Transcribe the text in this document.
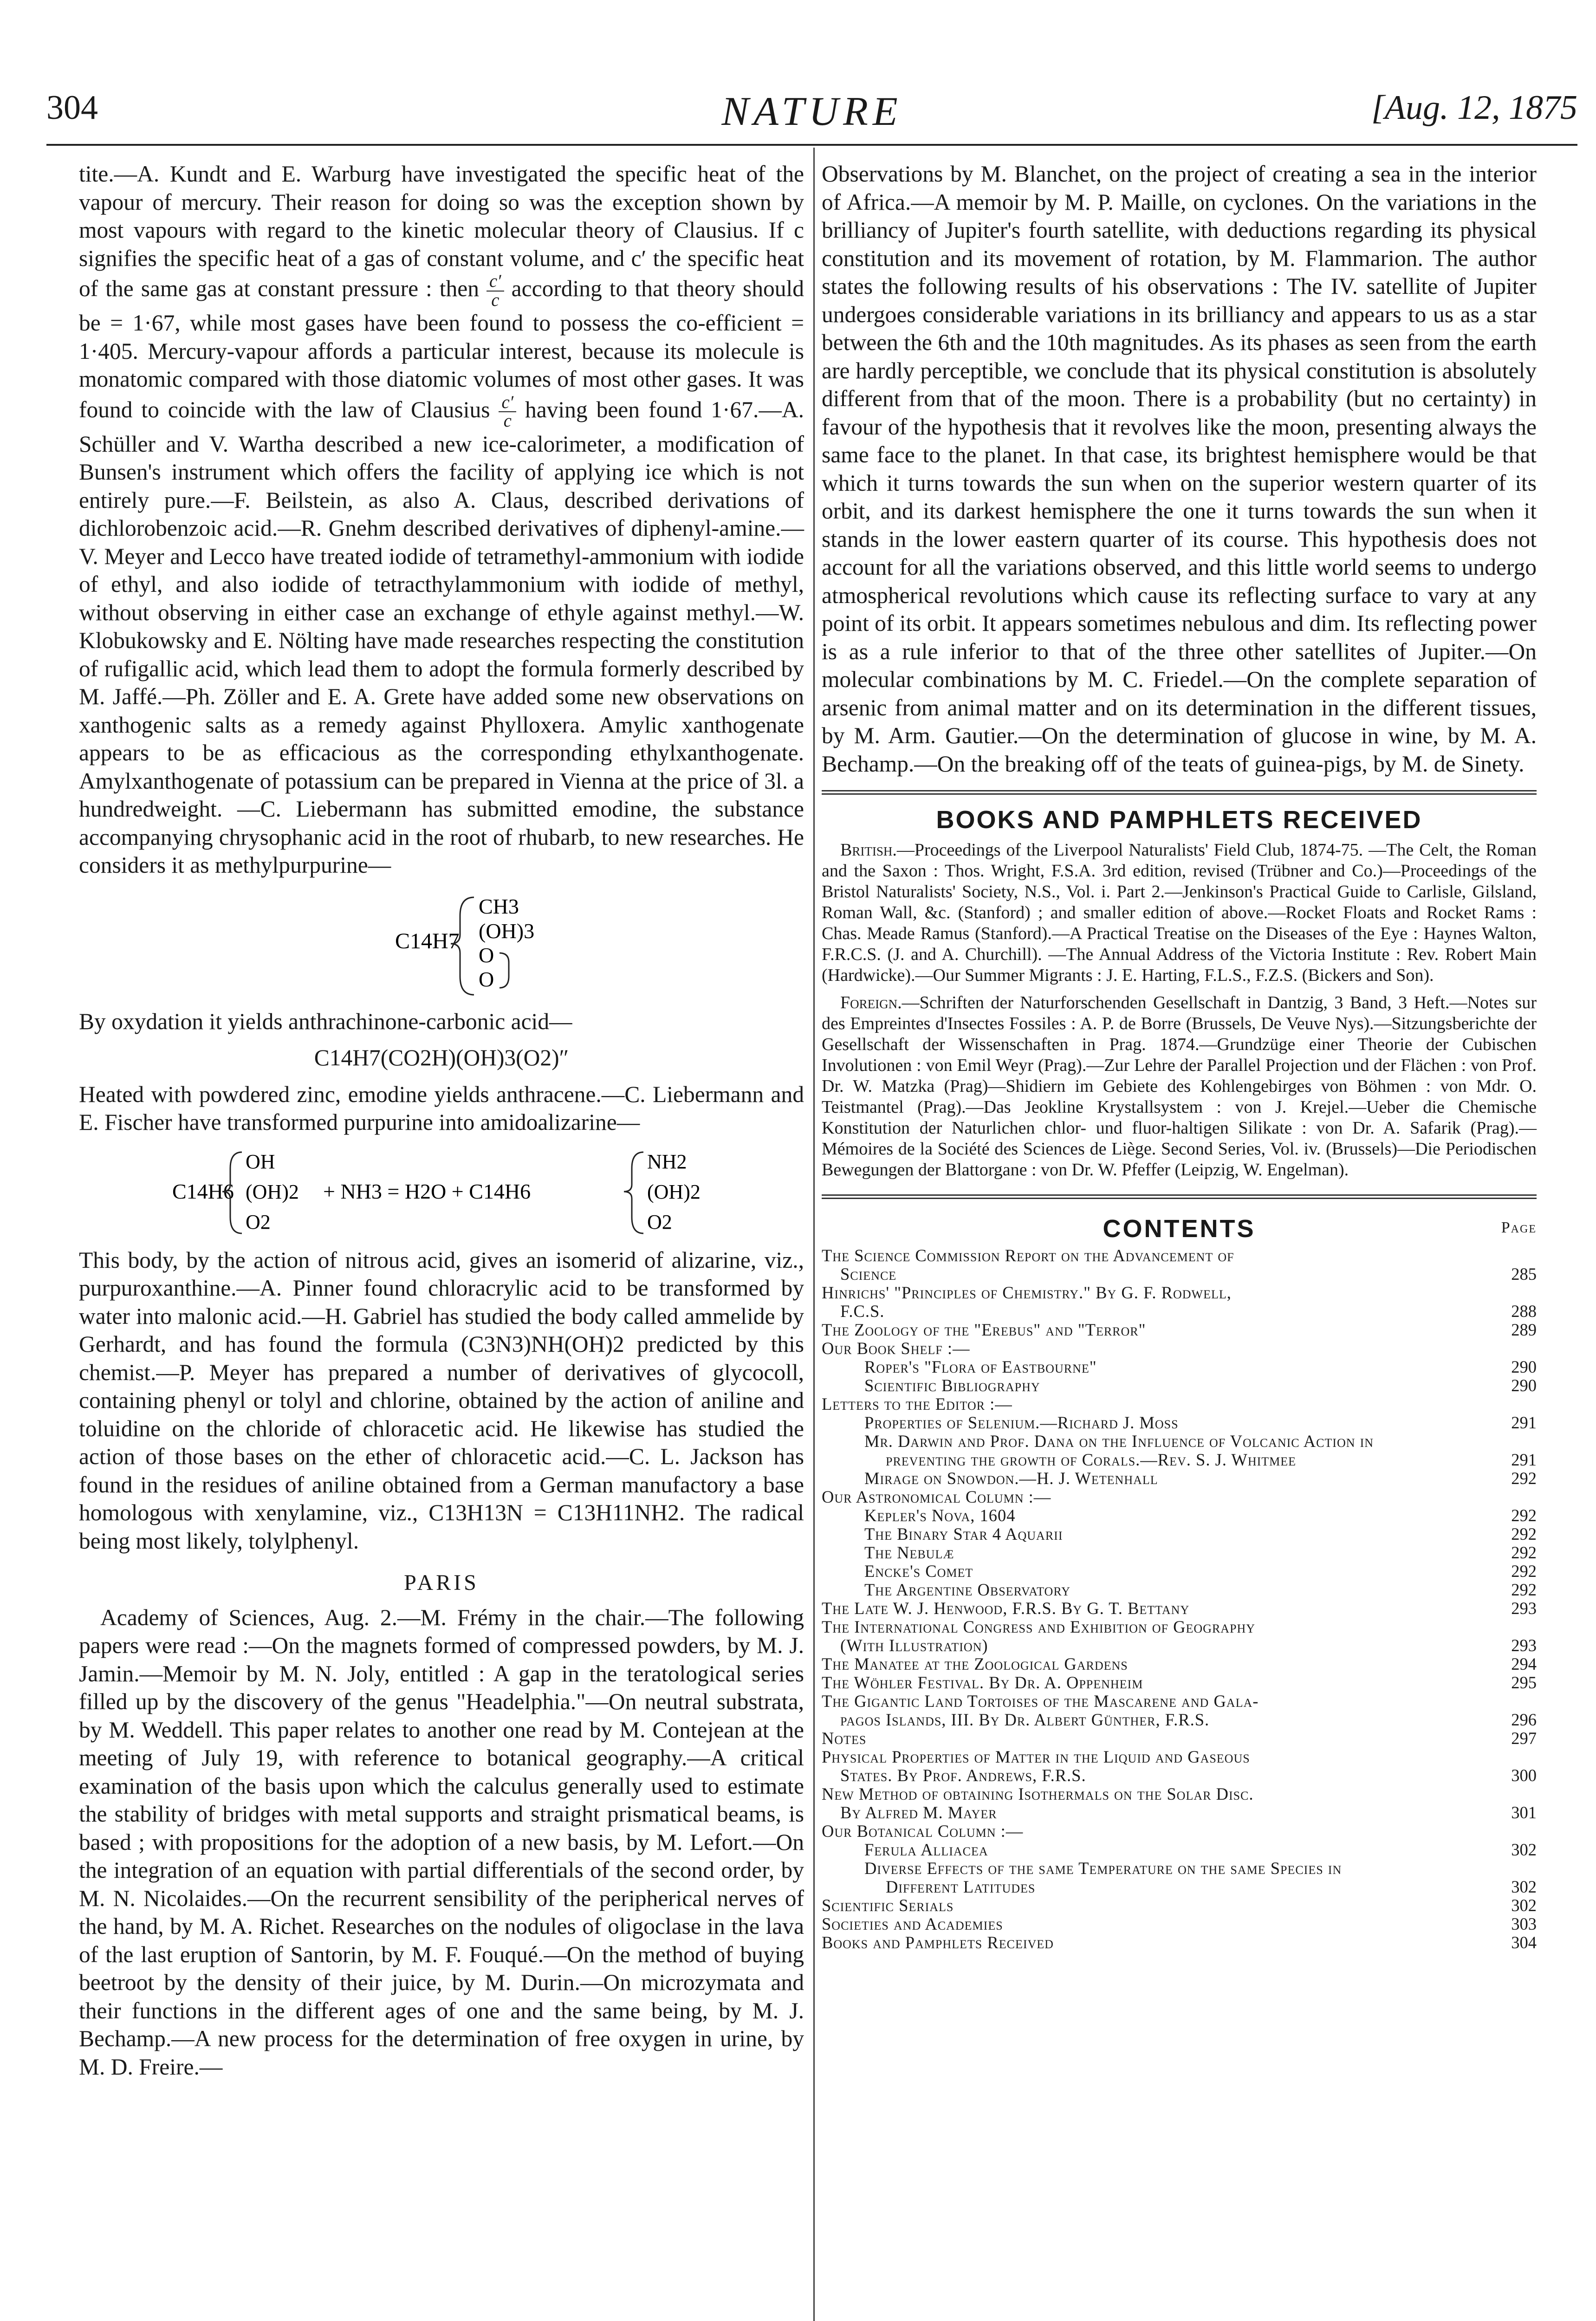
304	NATURE	[Aug. 12, 1875

tite.—A. Kundt and E. Warburg have investigated the specific heat of the vapour of mercury. Their reason for doing so was the exception shown by most vapours with regard to the kinetic molecular theory of Clausius. If c signifies the specific heat of a gas of constant volume, and c′ the specific heat of the same gas at constant pressure : then $\frac{c'}{c}$ according to that theory should be = 1·67, while most gases have been found to possess the co-efficient = 1·405. Mercury-vapour affords a particular interest, because its molecule is monatomic compared with those diatomic volumes of most other gases. It was found to coincide with the law of Clausius $\frac{c'}{c}$ having been found 1·67.—A. Schüller and V. Wartha described a new ice-calorimeter, a modification of Bunsen's instrument which offers the facility of applying ice which is not entirely pure.—F. Beilstein, as also A. Claus, described derivations of dichlorobenzoic acid.—R. Gnehm described derivatives of diphenyl-amine.—V. Meyer and Lecco have treated iodide of tetramethyl-ammonium with iodide of ethyl, and also iodide of tetracthylammonium with iodide of methyl, without observing in either case an exchange of ethyle against methyl.—W. Klobukowsky and E. Nölting have made researches respecting the constitution of rufigallic acid, which lead them to adopt the formula formerly described by M. Jaffé.—Ph. Zöller and E. A. Grete have added some new observations on xanthogenic salts as a remedy against Phylloxera. Amylic xanthogenate appears to be as efficacious as the corresponding ethylxanthogenate. Amylxanthogenate of potassium can be prepared in Vienna at the price of 3l. a hundredweight. —C. Liebermann has submitted emodine, the substance accompanying chrysophanic acid in the root of rhubarb, to new researches. He considers it as methylpurpurine—

C14H7
CH3
(OH)3
O
O

By oxydation it yields anthrachinone-carbonic acid—

C14H7(CO2H)(OH)3(O2)″

Heated with powdered zinc, emodine yields anthracene.—C. Liebermann and E. Fischer have transformed purpurine into amidoalizarine—

C14H6
OH
(OH)2
O2
+ NH3 = H2O + C14H6
NH2
(OH)2
O2

This body, by the action of nitrous acid, gives an isomerid of alizarine, viz., purpuroxanthine.—A. Pinner found chloracrylic acid to be transformed by water into malonic acid.—H. Gabriel has studied the body called ammelide by Gerhardt, and has found the formula (C3N3)NH(OH)2 predicted by this chemist.—P. Meyer has prepared a number of derivatives of glycocoll, containing phenyl or tolyl and chlorine, obtained by the action of aniline and toluidine on the chloride of chloracetic acid. He likewise has studied the action of those bases on the ether of chloracetic acid.—C. L. Jackson has found in the residues of aniline obtained from a German manufactory a base homologous with xenylamine, viz., C13H13N = C13H11NH2. The radical being most likely, tolylphenyl.

PARIS

Academy of Sciences, Aug. 2.—M. Frémy in the chair.—The following papers were read :—On the magnets formed of compressed powders, by M. J. Jamin.—Memoir by M. N. Joly, entitled : A gap in the teratological series filled up by the discovery of the genus "Headelphia."—On neutral substrata, by M. Weddell. This paper relates to another one read by M. Contejean at the meeting of July 19, with reference to botanical geography.—A critical examination of the basis upon which the calculus generally used to estimate the stability of bridges with metal supports and straight prismatical beams, is based ; with propositions for the adoption of a new basis, by M. Lefort.—On the integration of an equation with partial differentials of the second order, by M. N. Nicolaides.—On the recurrent sensibility of the peripherical nerves of the hand, by M. A. Richet. Researches on the nodules of oligoclase in the lava of the last eruption of Santorin, by M. F. Fouqué.—On the method of buying beetroot by the density of their juice, by M. Durin.—On microzymata and their functions in the different ages of one and the same being, by M. J. Bechamp.—A new process for the determination of free oxygen in urine, by M. D. Freire.—

Observations by M. Blanchet, on the project of creating a sea in the interior of Africa.—A memoir by M. P. Maille, on cyclones. On the variations in the brilliancy of Jupiter's fourth satellite, with deductions regarding its physical constitution and its movement of rotation, by M. Flammarion. The author states the following results of his observations : The IV. satellite of Jupiter undergoes considerable variations in its brilliancy and appears to us as a star between the 6th and the 10th magnitudes. As its phases as seen from the earth are hardly perceptible, we conclude that its physical constitution is absolutely different from that of the moon. There is a probability (but no certainty) in favour of the hypothesis that it revolves like the moon, presenting always the same face to the planet. In that case, its brightest hemisphere would be that which it turns towards the sun when on the superior western quarter of its orbit, and its darkest hemisphere the one it turns towards the sun when it stands in the lower eastern quarter of its course. This hypothesis does not account for all the variations observed, and this little world seems to undergo atmospherical revolutions which cause its reflecting surface to vary at any point of its orbit. It appears sometimes nebulous and dim. Its reflecting power is as a rule inferior to that of the three other satellites of Jupiter.—On molecular combinations by M. C. Friedel.—On the complete separation of arsenic from animal matter and on its determination in the different tissues, by M. Arm. Gautier.—On the determination of glucose in wine, by M. A. Bechamp.—On the breaking off of the teats of guinea-pigs, by M. de Sinety.

BOOKS AND PAMPHLETS RECEIVED

British.—Proceedings of the Liverpool Naturalists' Field Club, 1874-75. —The Celt, the Roman and the Saxon : Thos. Wright, F.S.A. 3rd edition, revised (Trübner and Co.)—Proceedings of the Bristol Naturalists' Society, N.S., Vol. i. Part 2.—Jenkinson's Practical Guide to Carlisle, Gilsland, Roman Wall, &c. (Stanford) ; and smaller edition of above.—Rocket Floats and Rocket Rams : Chas. Meade Ramus (Stanford).—A Practical Treatise on the Diseases of the Eye : Haynes Walton, F.R.C.S. (J. and A. Churchill). —The Annual Address of the Victoria Institute : Rev. Robert Main (Hardwicke).—Our Summer Migrants : J. E. Harting, F.L.S., F.Z.S. (Bickers and Son).

Foreign.—Schriften der Naturforschenden Gesellschaft in Dantzig, 3 Band, 3 Heft.—Notes sur des Empreintes d'Insectes Fossiles : A. P. de Borre (Brussels, De Veuve Nys).—Sitzungsberichte der Gesellschaft der Wissenschaften in Prag. 1874.—Grundzüge einer Theorie der Cubischen Involutionen : von Emil Weyr (Prag).—Zur Lehre der Parallel Projection und der Flächen : von Prof. Dr. W. Matzka (Prag)—Shidiern im Gebiete des Kohlengebirges von Böhmen : von Mdr. O. Teistmantel (Prag).—Das Jeokline Krystallsystem : von J. Krejel.—Ueber die Chemische Konstitution der Naturlichen chlor- und fluor-haltigen Silikate : von Dr. A. Safarik (Prag).—Mémoires de la Société des Sciences de Liège. Second Series, Vol. iv. (Brussels)—Die Periodischen Bewegungen der Blattorgane : von Dr. W. Pfeffer (Leipzig, W. Engelman).

CONTENTS	Page
The Science Commission Report on the Advancement of
Science	285
Hinrichs' "Principles of Chemistry." By G. F. Rodwell,
F.C.S.	288
The Zoology of the "Erebus" and "Terror"	289
Our Book Shelf :—
Roper's "Flora of Eastbourne"	290
Scientific Bibliography	290
Letters to the Editor :—
Properties of Selenium.—Richard J. Moss	291
Mr. Darwin and Prof. Dana on the Influence of Volcanic Action in
preventing the growth of Corals.—Rev. S. J. Whitmee	291
Mirage on Snowdon.—H. J. Wetenhall	292
Our Astronomical Column :—
Kepler's Nova, 1604	292
The Binary Star 4 Aquarii	292
The Nebulæ	292
Encke's Comet	292
The Argentine Observatory	292
The Late W. J. Henwood, F.R.S. By G. T. Bettany	293
The International Congress and Exhibition of Geography
(With Illustration)	293
The Manatee at the Zoological Gardens	294
The Wöhler Festival. By Dr. A. Oppenheim	295
The Gigantic Land Tortoises of the Mascarene and Gala-
pagos Islands, III. By Dr. Albert Günther, F.R.S.	296
Notes	297
Physical Properties of Matter in the Liquid and Gaseous
States. By Prof. Andrews, F.R.S.	300
New Method of obtaining Isothermals on the Solar Disc.
By Alfred M. Mayer	301
Our Botanical Column :—
Ferula Alliacea	302
Diverse Effects of the same Temperature on the same Species in
Different Latitudes	302
Scientific Serials	302
Societies and Academies	303
Books and Pamphlets Received	304
